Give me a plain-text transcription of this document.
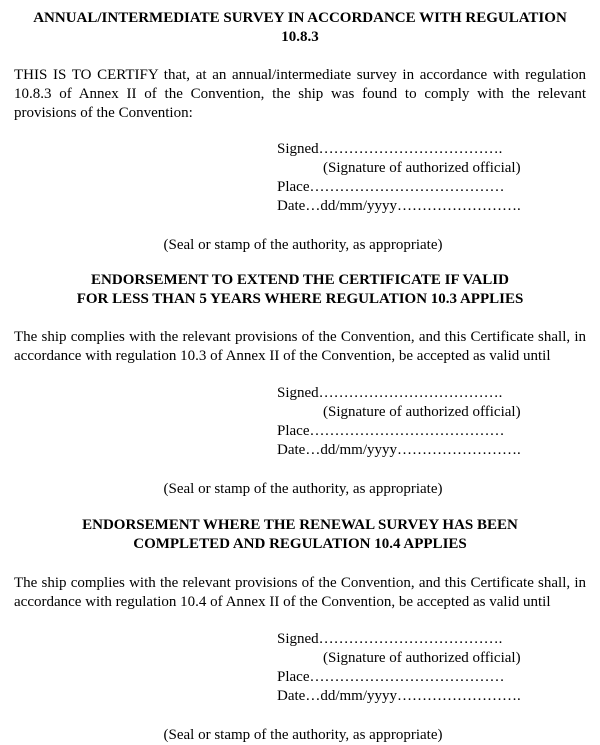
ANNUAL/INTERMEDIATE SURVEY IN ACCORDANCE WITH REGULATION 10.8.3

THIS IS TO CERTIFY that, at an annual/intermediate survey in accordance with regulation 10.8.3 of Annex II of the Convention, the ship was found to comply with the relevant provisions of the Convention:

Signed……………………………….

(Signature of authorized official)

Place…………………………………

Date…dd/mm/yyyy…………………….

(Seal or stamp of the authority, as appropriate)

ENDORSEMENT TO EXTEND THE CERTIFICATE IF VALID
FOR LESS THAN 5 YEARS WHERE REGULATION 10.3 APPLIES

The ship complies with the relevant provisions of the Convention, and this Certificate shall, in accordance with regulation 10.3 of Annex II of the Convention, be accepted as valid until

Signed……………………………….

(Signature of authorized official)

Place…………………………………

Date…dd/mm/yyyy…………………….

(Seal or stamp of the authority, as appropriate)

ENDORSEMENT WHERE THE RENEWAL SURVEY HAS BEEN
COMPLETED AND REGULATION 10.4 APPLIES

The ship complies with the relevant provisions of the Convention, and this Certificate shall, in accordance with regulation 10.4 of Annex II of the Convention, be accepted as valid until

Signed……………………………….

(Signature of authorized official)

Place…………………………………

Date…dd/mm/yyyy…………………….

(Seal or stamp of the authority, as appropriate)
